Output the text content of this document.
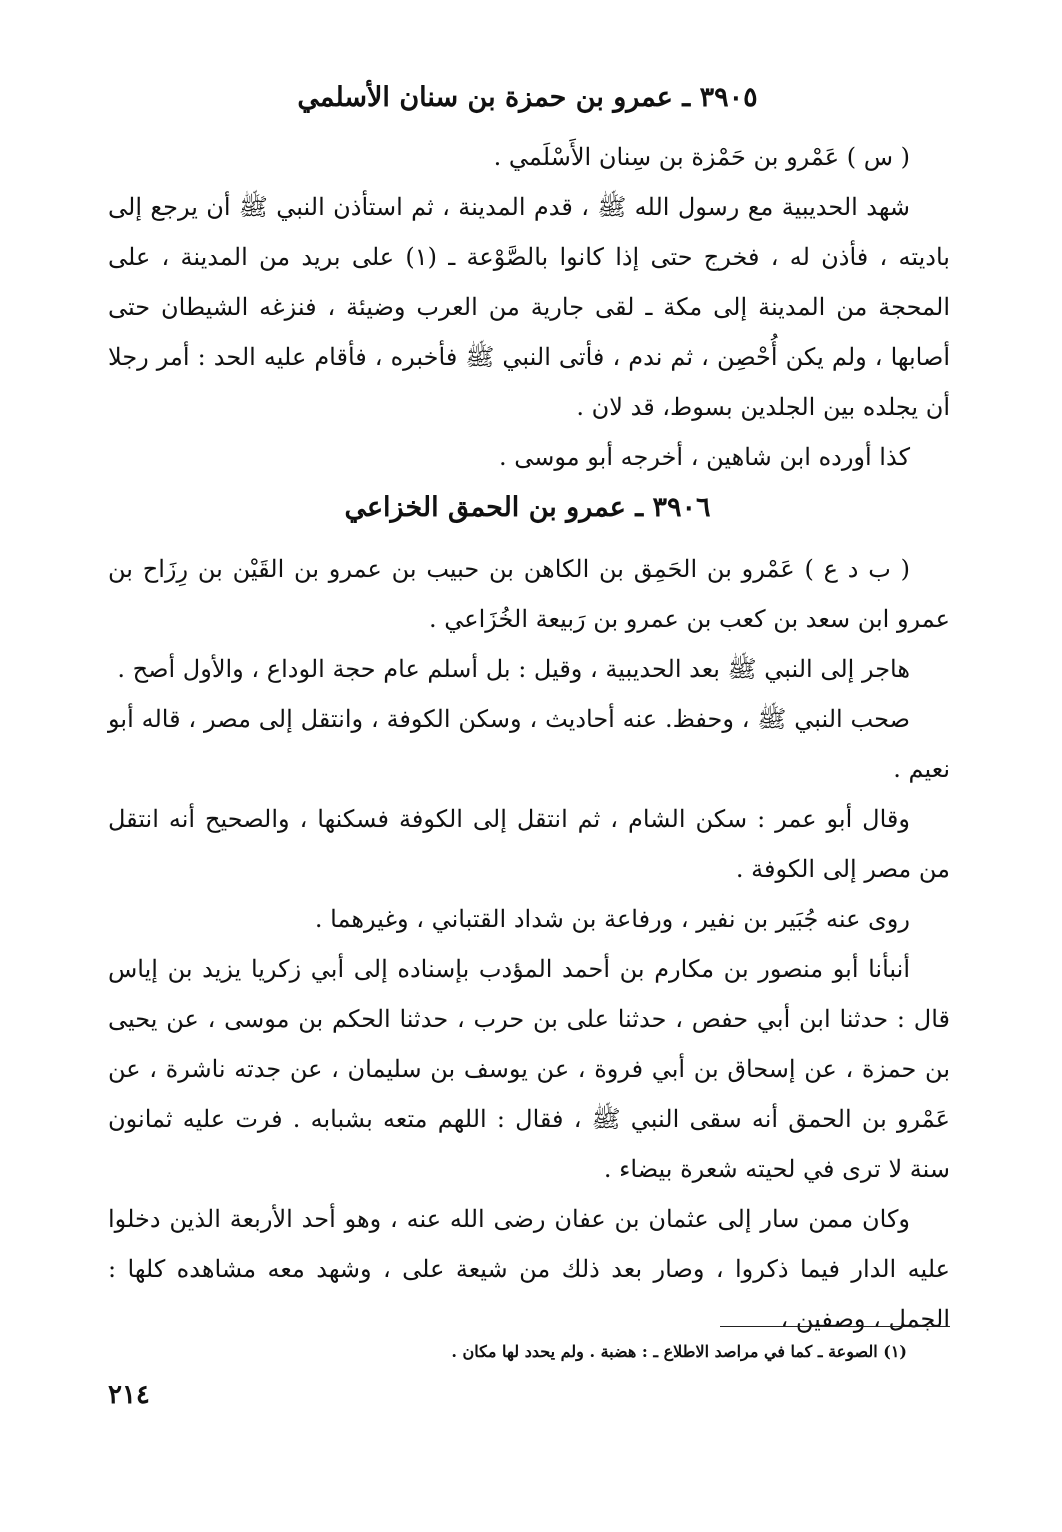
٣٩٠٥ ـ عمرو بن حمزة بن سنان الأسلمي

( س ) عَمْرو بن حَمْزة بن سِنان الأَسْلَمي .

شهد الحديبية مع رسول الله ﷺ ، قدم المدينة ، ثم استأذن النبي ﷺ أن يرجع إلى باديته ، فأذن له ، فخرج حتى إذا كانوا بالصَّوْعة ـ (١) على بريد من المدينة ، على المحجة من المدينة إلى مكة ـ لقى جارية من العرب وضيئة ، فنزغه الشيطان حتى أصابها ، ولم يكن أُحْصِن ، ثم ندم ، فأتى النبي ﷺ فأخبره ، فأقام عليه الحد : أمر رجلا أن يجلده بين الجلدين بسوط، قد لان .

كذا أورده ابن شاهين ، أخرجه أبو موسى .

٣٩٠٦ ـ عمرو بن الحمق الخزاعي

( ب د ع ) عَمْرو بن الحَمِق بن الكاهن بن حبيب بن عمرو بن القَيْن بن رِزَاح بن عمرو ابن سعد بن كعب بن عمرو بن رَبيعة الخُزَاعي .

هاجر إلى النبي ﷺ بعد الحديبية ، وقيل : بل أسلم عام حجة الوداع ، والأول أصح .

صحب النبي ﷺ ، وحفظ. عنه أحاديث ، وسكن الكوفة ، وانتقل إلى مصر ، قاله أبو نعيم .

وقال أبو عمر : سكن الشام ، ثم انتقل إلى الكوفة فسكنها ، والصحيح أنه انتقل من مصر إلى الكوفة .

روى عنه جُبَير بن نفير ، ورفاعة بن شداد القتباني ، وغيرهما .

أنبأنا أبو منصور بن مكارم بن أحمد المؤدب بإسناده إلى أبي زكريا يزيد بن إياس قال : حدثنا ابن أبي حفص ، حدثنا على بن حرب ، حدثنا الحكم بن موسى ، عن يحيى بن حمزة ، عن إسحاق بن أبي فروة ، عن يوسف بن سليمان ، عن جدته ناشرة ، عن عَمْرو بن الحمق أنه سقى النبي ﷺ ، فقال : اللهم متعه بشبابه . فرت عليه ثمانون سنة لا ترى في لحيته شعرة بيضاء .

وكان ممن سار إلى عثمان بن عفان رضى الله عنه ، وهو أحد الأربعة الذين دخلوا عليه الدار فيما ذكروا ، وصار بعد ذلك من شيعة على ، وشهد معه مشاهده كلها : الجمل ، وصفين ،

(١) الصوعة ـ كما في مراصد الاطلاع ـ : هضبة . ولم يحدد لها مكان .
٢١٤
